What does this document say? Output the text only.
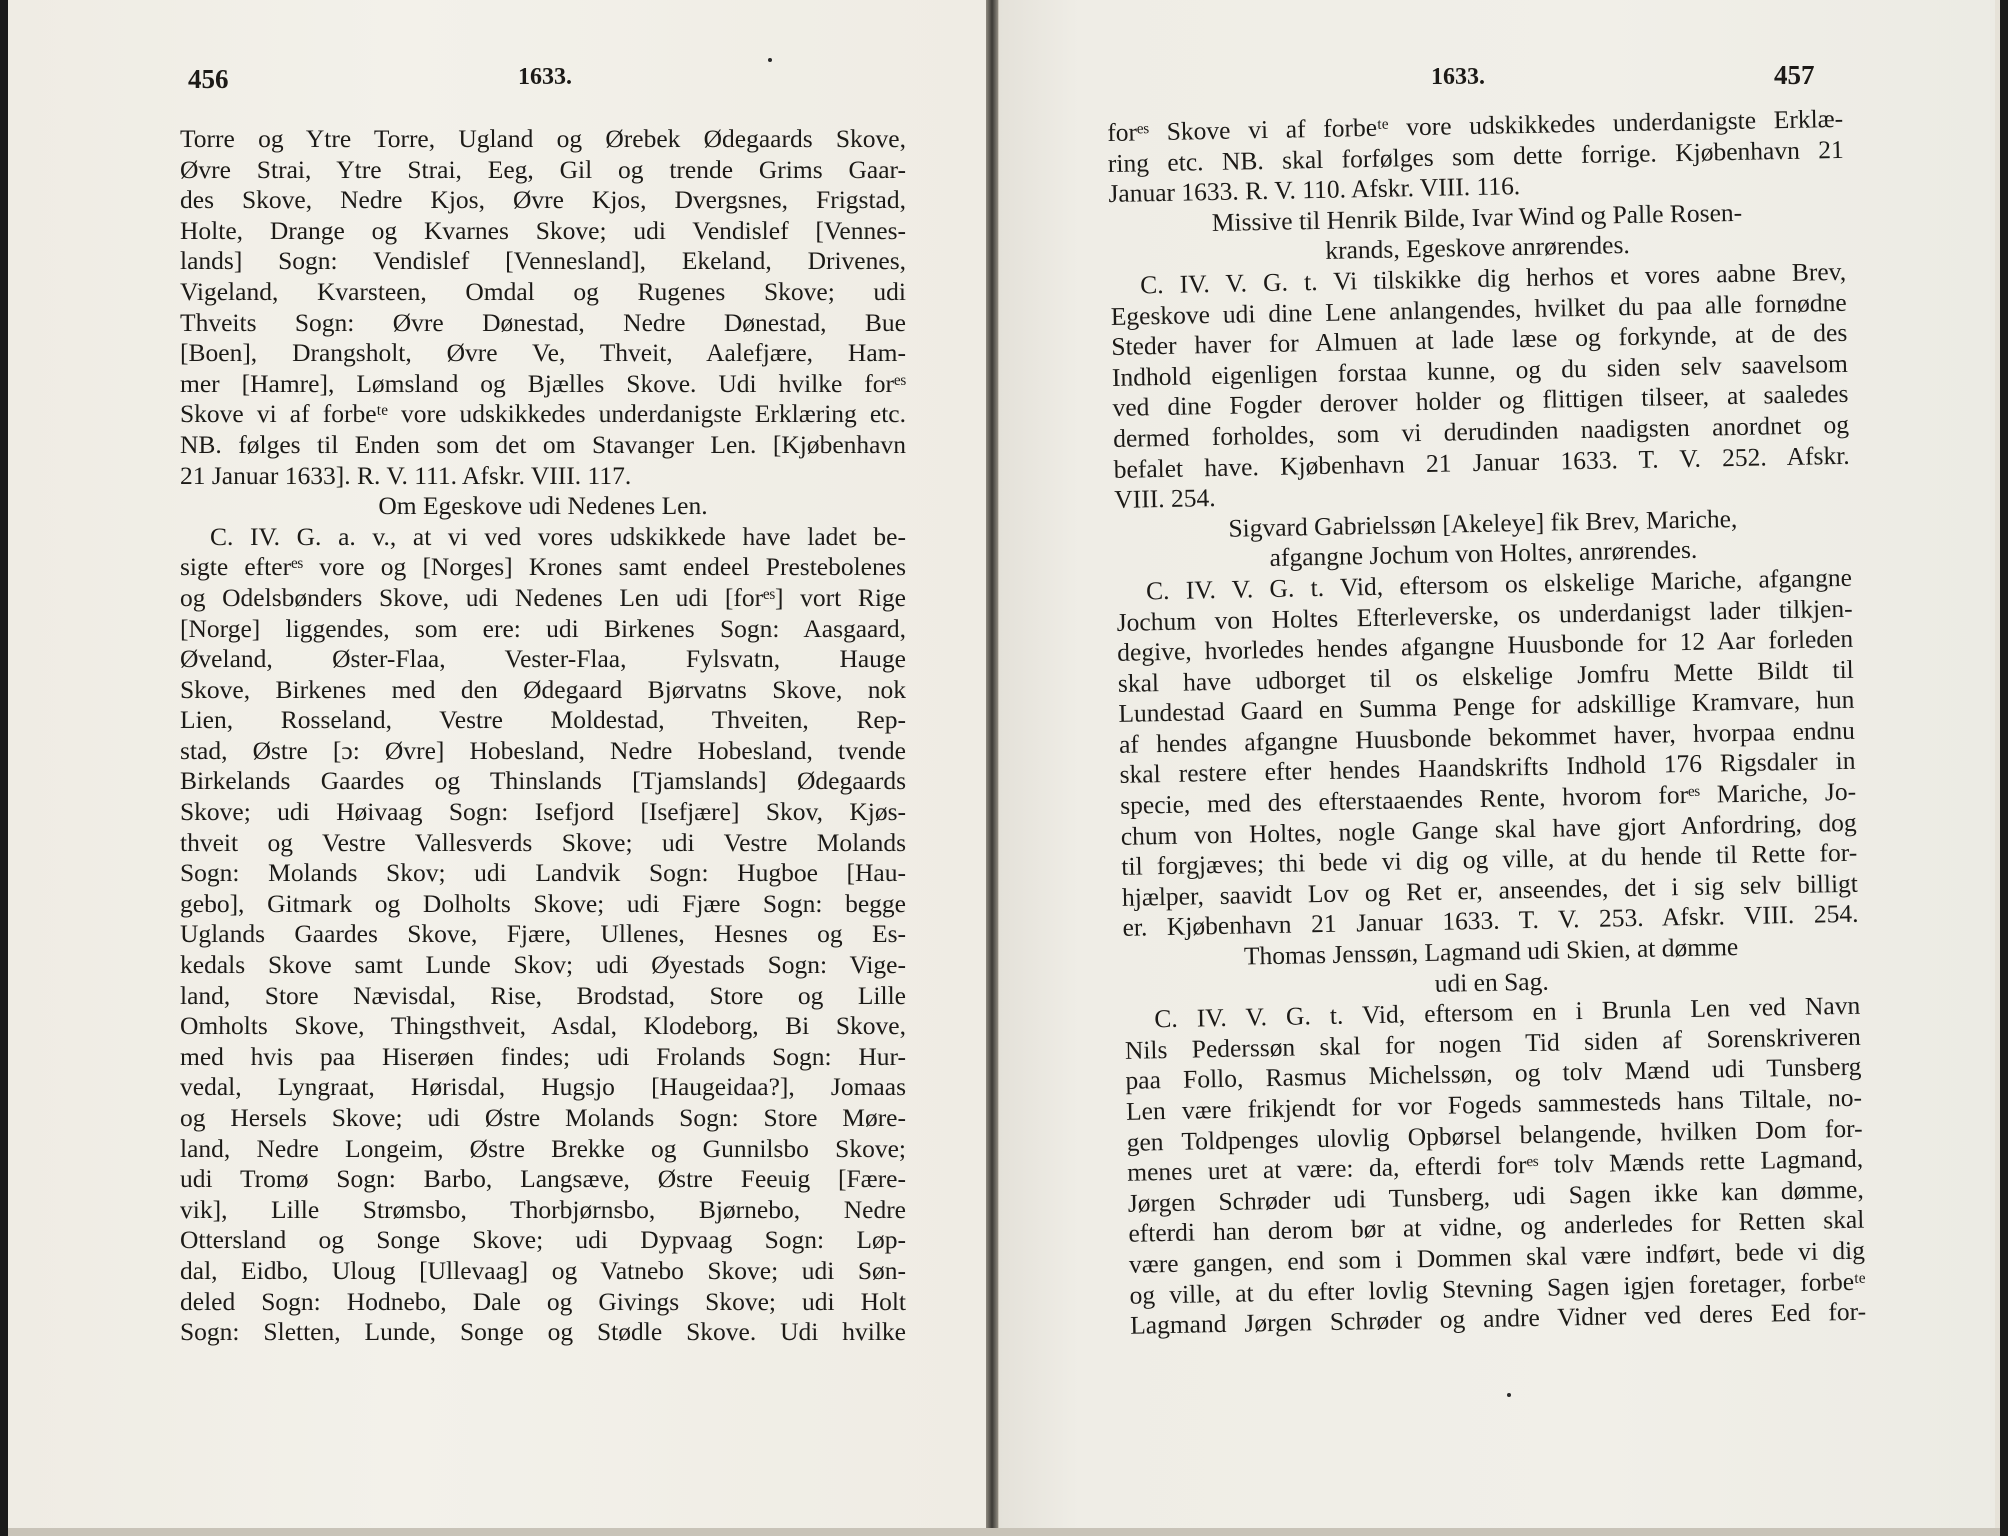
456	1633.
Torre og Ytre Torre, Ugland og Ørebek Ødegaards Skove,
Øvre Strai, Ytre Strai, Eeg, Gil og trende Grims Gaar-
des Skove, Nedre Kjos, Øvre Kjos, Dvergsnes, Frigstad,
Holte, Drange og Kvarnes Skove; udi Vendislef [Vennes-
lands] Sogn: Vendislef [Vennesland], Ekeland, Drivenes,
Vigeland, Kvarsteen, Omdal og Rugenes Skove; udi
Thveits Sogn: Øvre Dønestad, Nedre Dønestad, Bue
[Boen], Drangsholt, Øvre Ve, Thveit, Aalefjære, Ham-
mer [Hamre], Lømsland og Bjælles Skove. Udi hvilke forᵉˢ
Skove vi af forbeᵗᵉ vore udskikkedes underdanigste Erklæring etc.
NB. følges til Enden som det om Stavanger Len. [Kjøbenhavn
21 Januar 1633]. R. V. 111. Afskr. VIII. 117.
Om Egeskove udi Nedenes Len.
C. IV. G. a. v., at vi ved vores udskikkede have ladet be-
sigte efterᵉˢ vore og [Norges] Krones samt endeel Prestebolenes
og Odelsbønders Skove, udi Nedenes Len udi [forᵉˢ] vort Rige
[Norge] liggendes, som ere: udi Birkenes Sogn: Aasgaard,
Øveland, Øster-Flaa, Vester-Flaa, Fylsvatn, Hauge
Skove, Birkenes med den Ødegaard Bjørvatns Skove, nok
Lien, Rosseland, Vestre Moldestad, Thveiten, Rep-
stad, Østre [ɔ: Øvre] Hobesland, Nedre Hobesland, tvende
Birkelands Gaardes og Thinslands [Tjamslands] Ødegaards
Skove; udi Høivaag Sogn: Isefjord [Isefjære] Skov, Kjøs-
thveit og Vestre Vallesverds Skove; udi Vestre Molands
Sogn: Molands Skov; udi Landvik Sogn: Hugboe [Hau-
gebo], Gitmark og Dolholts Skove; udi Fjære Sogn: begge
Uglands Gaardes Skove, Fjære, Ullenes, Hesnes og Es-
kedals Skove samt Lunde Skov; udi Øyestads Sogn: Vige-
land, Store Nævisdal, Rise, Brodstad, Store og Lille
Omholts Skove, Thingsthveit, Asdal, Klodeborg, Bi Skove,
med hvis paa Hiserøen findes; udi Frolands Sogn: Hur-
vedal, Lyngraat, Hørisdal, Hugsjo [Haugeidaa?], Jomaas
og Hersels Skove; udi Østre Molands Sogn: Store Møre-
land, Nedre Longeim, Østre Brekke og Gunnilsbo Skove;
udi Tromø Sogn: Barbo, Langsæve, Østre Feeuig [Fære-
vik], Lille Strømsbo, Thorbjørnsbo, Bjørnebo, Nedre
Ottersland og Songe Skove; udi Dypvaag Sogn: Løp-
dal, Eidbo, Uloug [Ullevaag] og Vatnebo Skove; udi Søn-
deled Sogn: Hodnebo, Dale og Givings Skove; udi Holt
Sogn: Sletten, Lunde, Songe og Stødle Skove. Udi hvilke
1633.	457
forᵉˢ Skove vi af forbeᵗᵉ vore udskikkedes underdanigste Erklæ-
ring etc. NB. skal forfølges som dette forrige. Kjøbenhavn 21
Januar 1633. R. V. 110. Afskr. VIII. 116.
Missive til Henrik Bilde, Ivar Wind og Palle Rosen-
krands, Egeskove anrørendes.
C. IV. V. G. t. Vi tilskikke dig herhos et vores aabne Brev,
Egeskove udi dine Lene anlangendes, hvilket du paa alle fornødne
Steder haver for Almuen at lade læse og forkynde, at de des
Indhold eigenligen forstaa kunne, og du siden selv saavelsom
ved dine Fogder derover holder og flittigen tilseer, at saaledes
dermed forholdes, som vi derudinden naadigsten anordnet og
befalet have. Kjøbenhavn 21 Januar 1633. T. V. 252. Afskr.
VIII. 254.
Sigvard Gabrielssøn [Akeleye] fik Brev, Mariche,
afgangne Jochum von Holtes, anrørendes.
C. IV. V. G. t. Vid, eftersom os elskelige Mariche, afgangne
Jochum von Holtes Efterleverske, os underdanigst lader tilkjen-
degive, hvorledes hendes afgangne Huusbonde for 12 Aar forleden
skal have udborget til os elskelige Jomfru Mette Bildt til
Lundestad Gaard en Summa Penge for adskillige Kramvare, hun
af hendes afgangne Huusbonde bekommet haver, hvorpaa endnu
skal restere efter hendes Haandskrifts Indhold 176 Rigsdaler in
specie, med des efterstaaendes Rente, hvorom forᵉˢ Mariche, Jo-
chum von Holtes, nogle Gange skal have gjort Anfordring, dog
til forgjæves; thi bede vi dig og ville, at du hende til Rette for-
hjælper, saavidt Lov og Ret er, anseendes, det i sig selv billigt
er. Kjøbenhavn 21 Januar 1633. T. V. 253. Afskr. VIII. 254.
Thomas Jenssøn, Lagmand udi Skien, at dømme
udi en Sag.
C. IV. V. G. t. Vid, eftersom en i Brunla Len ved Navn
Nils Pederssøn skal for nogen Tid siden af Sorenskriveren
paa Follo, Rasmus Michelssøn, og tolv Mænd udi Tunsberg
Len være frikjendt for vor Fogeds sammesteds hans Tiltale, no-
gen Toldpenges ulovlig Opbørsel belangende, hvilken Dom for-
menes uret at være: da, efterdi forᵉˢ tolv Mænds rette Lagmand,
Jørgen Schrøder udi Tunsberg, udi Sagen ikke kan dømme,
efterdi han derom bør at vidne, og anderledes for Retten skal
være gangen, end som i Dommen skal være indført, bede vi dig
og ville, at du efter lovlig Stevning Sagen igjen foretager, forbeᵗᵉ
Lagmand Jørgen Schrøder og andre Vidner ved deres Eed for-
